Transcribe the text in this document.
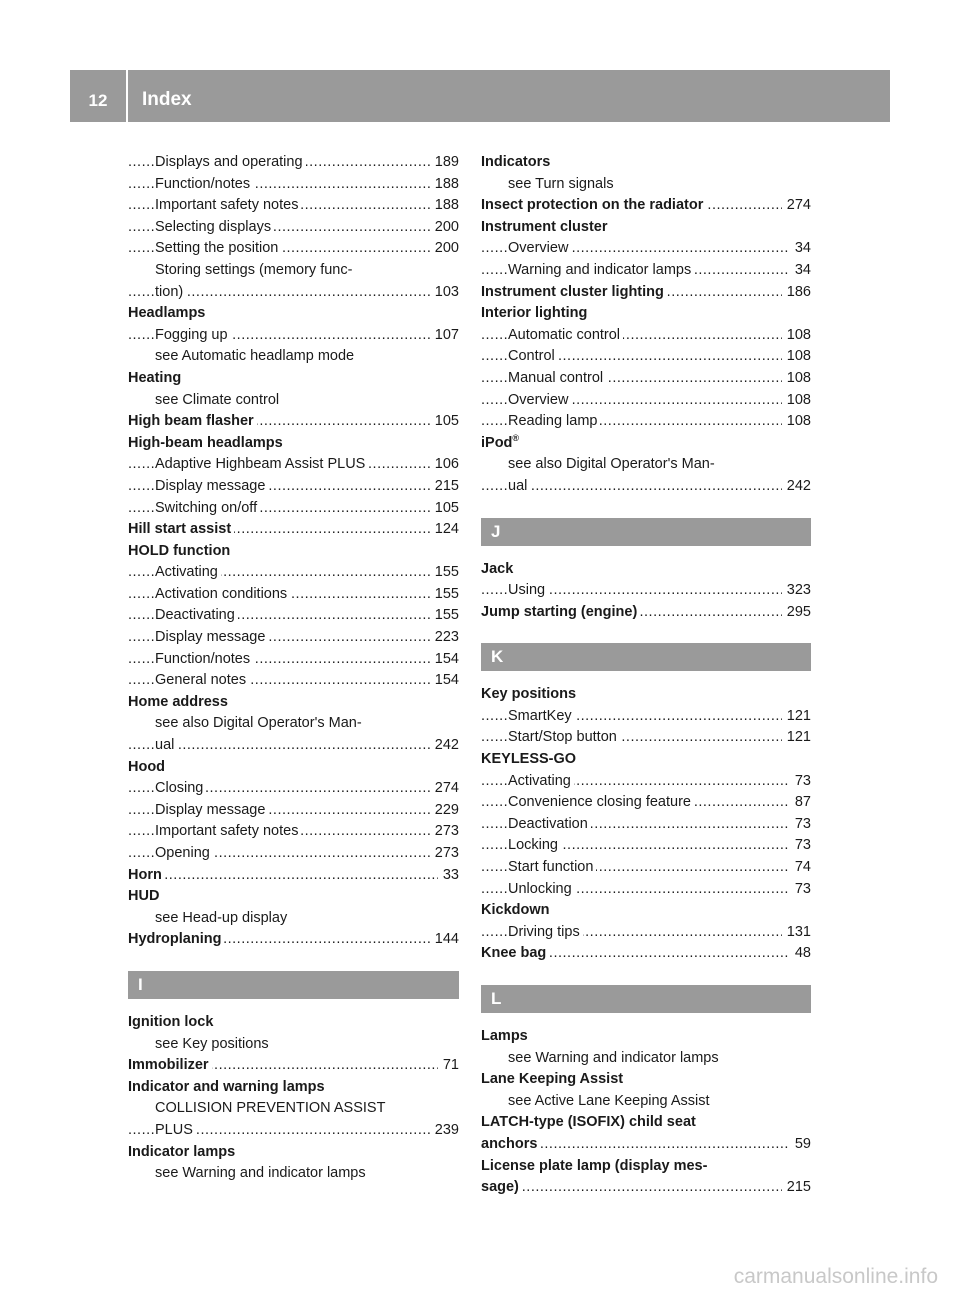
12	Index
Displays and operating	189
.....
Function/notes	188
.....
Important safety notes	188
.....
Selecting displays	200
.....
Setting the position	200
.....
Storing settings (memory func-
tion)	103
.....
Headlamps
Fogging up	107
.....
see Automatic headlamp mode
Heating
see Climate control
High beam flasher	105
.....
High-beam headlamps
Adaptive Highbeam Assist PLUS	106
.....
Display message	215
.....
Switching on/off	105
.....
Hill start assist	124
.....
HOLD function
Activating	155
.....
Activation conditions	155
.....
Deactivating	155
.....
Display message	223
.....
Function/notes	154
.....
General notes	154
.....
Home address
see also Digital Operator's Man-
ual	242
.....
Hood
Closing	274
.....
Display message	229
.....
Important safety notes	273
.....
Opening	273
.....
Horn	33
.....
HUD
see Head-up display
Hydroplaning	144
.....
I
Ignition lock
see Key positions
Immobilizer	71
.....
Indicator and warning lamps
COLLISION PREVENTION ASSIST
PLUS	239
.....
Indicator lamps
see Warning and indicator lamps
Indicators
see Turn signals
Insect protection on the radiator	274
.....
Instrument cluster
Overview	34
.....
Warning and indicator lamps	34
.....
Instrument cluster lighting	186
.....
Interior lighting
Automatic control	108
.....
Control	108
.....
Manual control	108
.....
Overview	108
.....
Reading lamp	108
.....
iPod®
see also Digital Operator's Man-
ual	242
.....
J
Jack
Using	323
.....
Jump starting (engine)	295
.....
K
Key positions
SmartKey	121
.....
Start/Stop button	121
.....
KEYLESS-GO
Activating	73
.....
Convenience closing feature	87
.....
Deactivation	73
.....
Locking	73
.....
Start function	74
.....
Unlocking	73
.....
Kickdown
Driving tips	131
.....
Knee bag	48
.....
L
Lamps
see Warning and indicator lamps
Lane Keeping Assist
see Active Lane Keeping Assist
LATCH-type (ISOFIX) child seat
anchors	59
.....
License plate lamp (display mes-
sage)	215
.....
carmanualsonline.info
